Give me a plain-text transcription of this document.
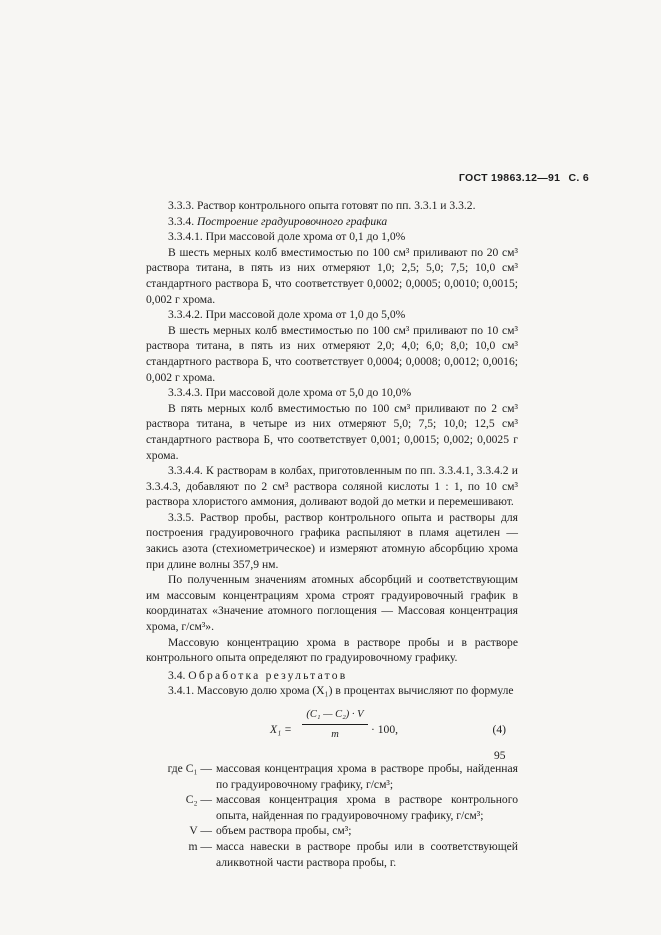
ГОСТ 19863.12—91 С. 6

3.3.3. Раствор контрольного опыта готовят по пп. 3.3.1 и 3.3.2.

3.3.4. Построение градуировочного графика

3.3.4.1. При массовой доле хрома от 0,1 до 1,0%

В шесть мерных колб вместимостью по 100 см³ приливают по 20 см³ раствора титана, в пять из них отмеряют 1,0; 2,5; 5,0; 7,5; 10,0 см³ стандартного раствора Б, что соответствует 0,0002; 0,0005; 0,0010; 0,0015; 0,002 г хрома.

3.3.4.2. При массовой доле хрома от 1,0 до 5,0%

В шесть мерных колб вместимостью по 100 см³ приливают по 10 см³ раствора титана, в пять из них отмеряют 2,0; 4,0; 6,0; 8,0; 10,0 см³ стандартного раствора Б, что соответствует 0,0004; 0,0008; 0,0012; 0,0016; 0,002 г хрома.

3.3.4.3. При массовой доле хрома от 5,0 до 10,0%

В пять мерных колб вместимостью по 100 см³ приливают по 2 см³ раствора титана, в четыре из них отмеряют 5,0; 7,5; 10,0; 12,5 см³ стандартного раствора Б, что соответствует 0,001; 0,0015; 0,002; 0,0025 г хрома.

3.3.4.4. К растворам в колбах, приготовленным по пп. 3.3.4.1, 3.3.4.2 и 3.3.4.3, добавляют по 2 см³ раствора соляной кислоты 1 : 1, по 10 см³ раствора хлористого аммония, доливают водой до метки и перемешивают.

3.3.5. Раствор пробы, раствор контрольного опыта и растворы для построения градуировочного графика распыляют в пламя ацетилен — закись азота (стехиометрическое) и измеряют атомную абсорбцию хрома при длине волны 357,9 нм.

По полученным значениям атомных абсорбций и соответствующим им массовым концентрациям хрома строят градуировочный график в координатах «Значение атомного поглощения — Массовая концентрация хрома, г/см³».

Массовую концентрацию хрома в растворе пробы и в растворе контрольного опыта определяют по градуировочному графику.

3.4. Обработка результатов

3.4.1. Массовую долю хрома (X₁) в процентах вычисляют по формуле

$X_1 = \frac{\text{(C₁ — C₂) · V}}{m} \cdot 100$,	(4)
где C₁ — массовая концентрация хрома в растворе пробы, найденная по градуировочному графику, г/см³;
C₂ — массовая концентрация хрома в растворе контрольного опыта, найденная по градуировочному графику, г/см³;
V — объем раствора пробы, см³;
m — масса навески в растворе пробы или в соответствующей аликвотной части раствора пробы, г.
95
